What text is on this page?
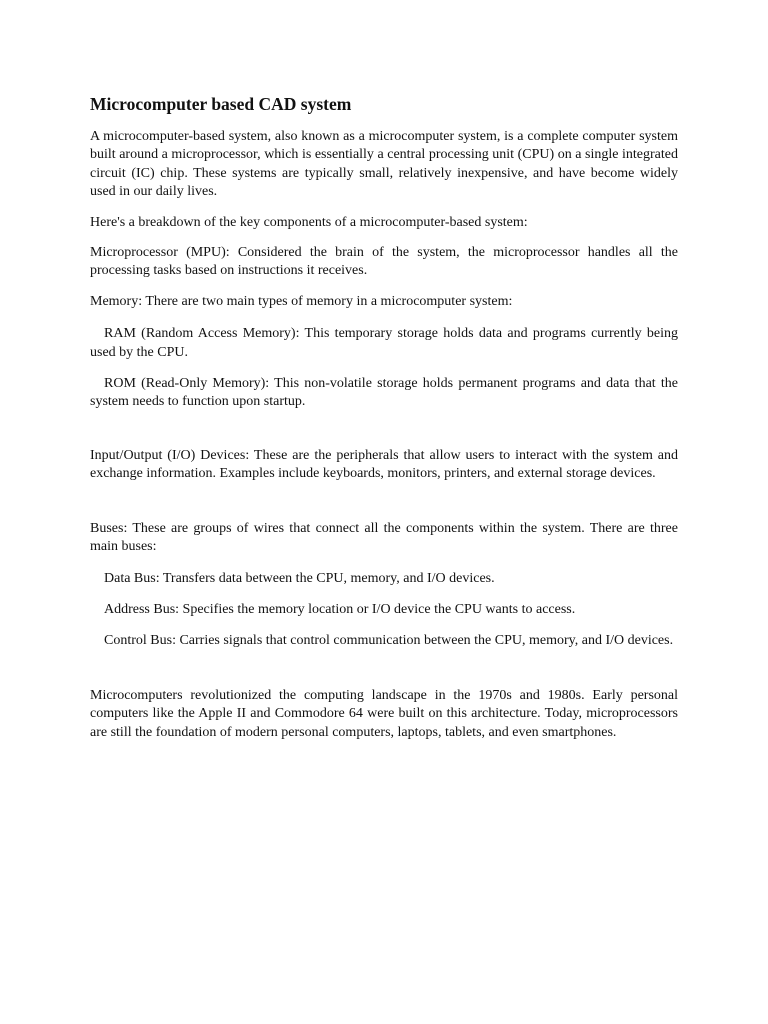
Microcomputer based CAD system

A microcomputer-based system, also known as a microcomputer system, is a complete computer system built around a microprocessor, which is essentially a central processing unit (CPU) on a single integrated circuit (IC) chip. These systems are typically small, relatively inexpensive, and have become widely used in our daily lives.

Here's a breakdown of the key components of a microcomputer-based system:

Microprocessor (MPU): Considered the brain of the system, the microprocessor handles all the processing tasks based on instructions it receives.

Memory: There are two main types of memory in a microcomputer system:

RAM (Random Access Memory): This temporary storage holds data and programs currently being used by the CPU.

ROM (Read-Only Memory): This non-volatile storage holds permanent programs and data that the system needs to function upon startup.

Input/Output (I/O) Devices: These are the peripherals that allow users to interact with the system and exchange information. Examples include keyboards, monitors, printers, and external storage devices.

Buses: These are groups of wires that connect all the components within the system. There are three main buses:

Data Bus: Transfers data between the CPU, memory, and I/O devices.

Address Bus: Specifies the memory location or I/O device the CPU wants to access.

Control Bus: Carries signals that control communication between the CPU, memory, and I/O devices.

Microcomputers revolutionized the computing landscape in the 1970s and 1980s. Early personal computers like the Apple II and Commodore 64 were built on this architecture. Today, microprocessors are still the foundation of modern personal computers, laptops, tablets, and even smartphones.
